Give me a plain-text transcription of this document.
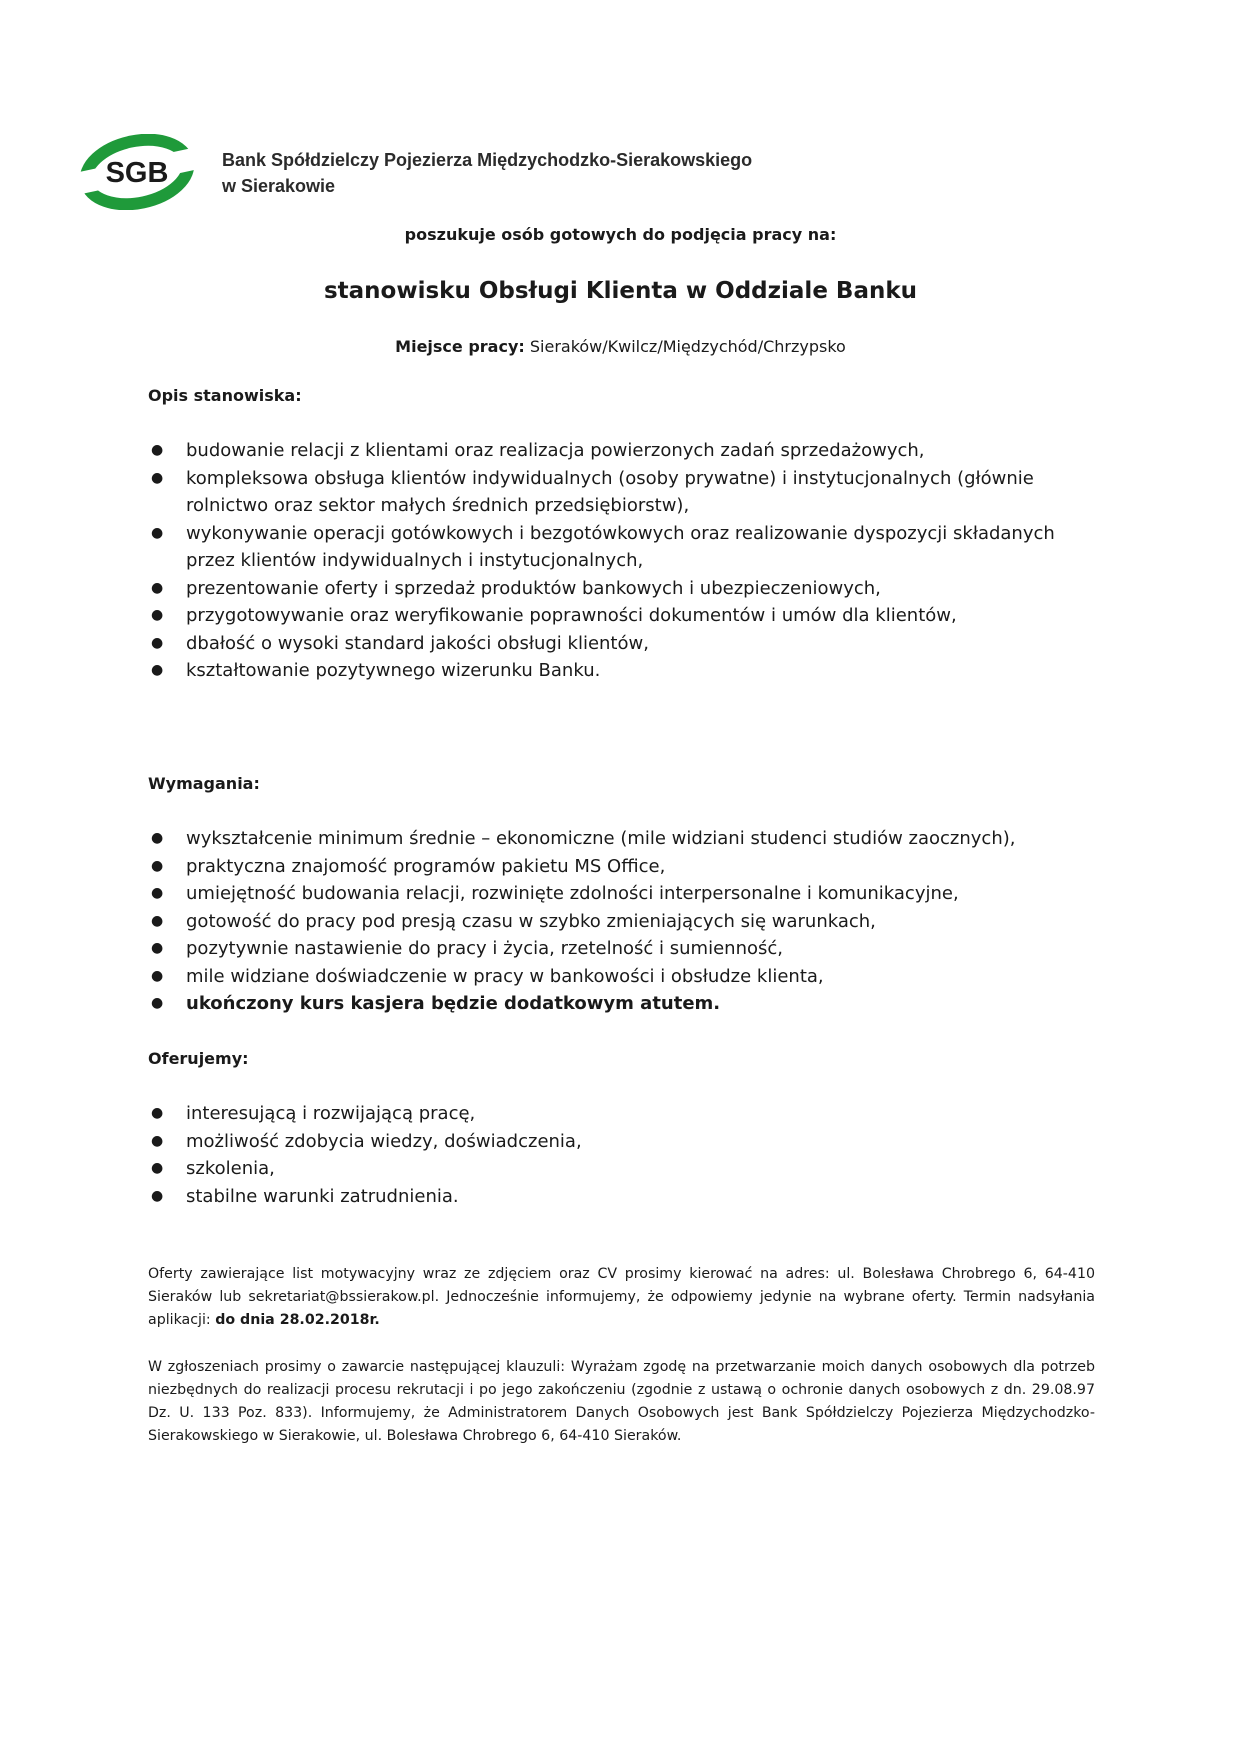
SGB	Bank Spółdzielczy Pojezierza Międzychodzko-Sierakowskiego
w Sierakowie
poszukuje osób gotowych do podjęcia pracy na:
stanowisku Obsługi Klienta w Oddziale Banku
Miejsce pracy: Sieraków/Kwilcz/Międzychód/Chrzypsko
Opis stanowiska:
● budowanie relacji z klientami oraz realizacja powierzonych zadań sprzedażowych,
● kompleksowa obsługa klientów indywidualnych (osoby prywatne) i instytucjonalnych (głównie rolnictwo oraz sektor małych średnich przedsiębiorstw),
● wykonywanie operacji gotówkowych i bezgotówkowych oraz realizowanie dyspozycji składanych przez klientów indywidualnych i instytucjonalnych,
● prezentowanie oferty i sprzedaż produktów bankowych i ubezpieczeniowych,
● przygotowywanie oraz weryfikowanie poprawności dokumentów i umów dla klientów,
● dbałość o wysoki standard jakości obsługi klientów,
● kształtowanie pozytywnego wizerunku Banku.
Wymagania:
● wykształcenie minimum średnie – ekonomiczne (mile widziani studenci studiów zaocznych),
● praktyczna znajomość programów pakietu MS Office,
● umiejętność budowania relacji, rozwinięte zdolności interpersonalne i komunikacyjne,
● gotowość do pracy pod presją czasu w szybko zmieniających się warunkach,
● pozytywnie nastawienie do pracy i życia, rzetelność i sumienność,
● mile widziane doświadczenie w pracy w bankowości i obsłudze klienta,
● ukończony kurs kasjera będzie dodatkowym atutem.
Oferujemy:
● interesującą i rozwijającą pracę,
● możliwość zdobycia wiedzy, doświadczenia,
● szkolenia,
● stabilne warunki zatrudnienia.

Oferty zawierające list motywacyjny wraz ze zdjęciem oraz CV prosimy kierować na adres: ul. Bolesława Chrobrego 6, 64-410 Sieraków lub sekretariat@bssierakow.pl. Jednocześnie informujemy, że odpowiemy jedynie na wybrane oferty. Termin nadsyłania aplikacji: do dnia 28.02.2018r.

W zgłoszeniach prosimy o zawarcie następującej klauzuli: Wyrażam zgodę na przetwarzanie moich danych osobowych dla potrzeb niezbędnych do realizacji procesu rekrutacji i po jego zakończeniu (zgodnie z ustawą o ochronie danych osobowych z dn. 29.08.97 Dz. U. 133 Poz. 833). Informujemy, że Administratorem Danych Osobowych jest Bank Spółdzielczy Pojezierza Międzychodzko-Sierakowskiego w Sierakowie, ul. Bolesława Chrobrego 6, 64-410 Sieraków.
